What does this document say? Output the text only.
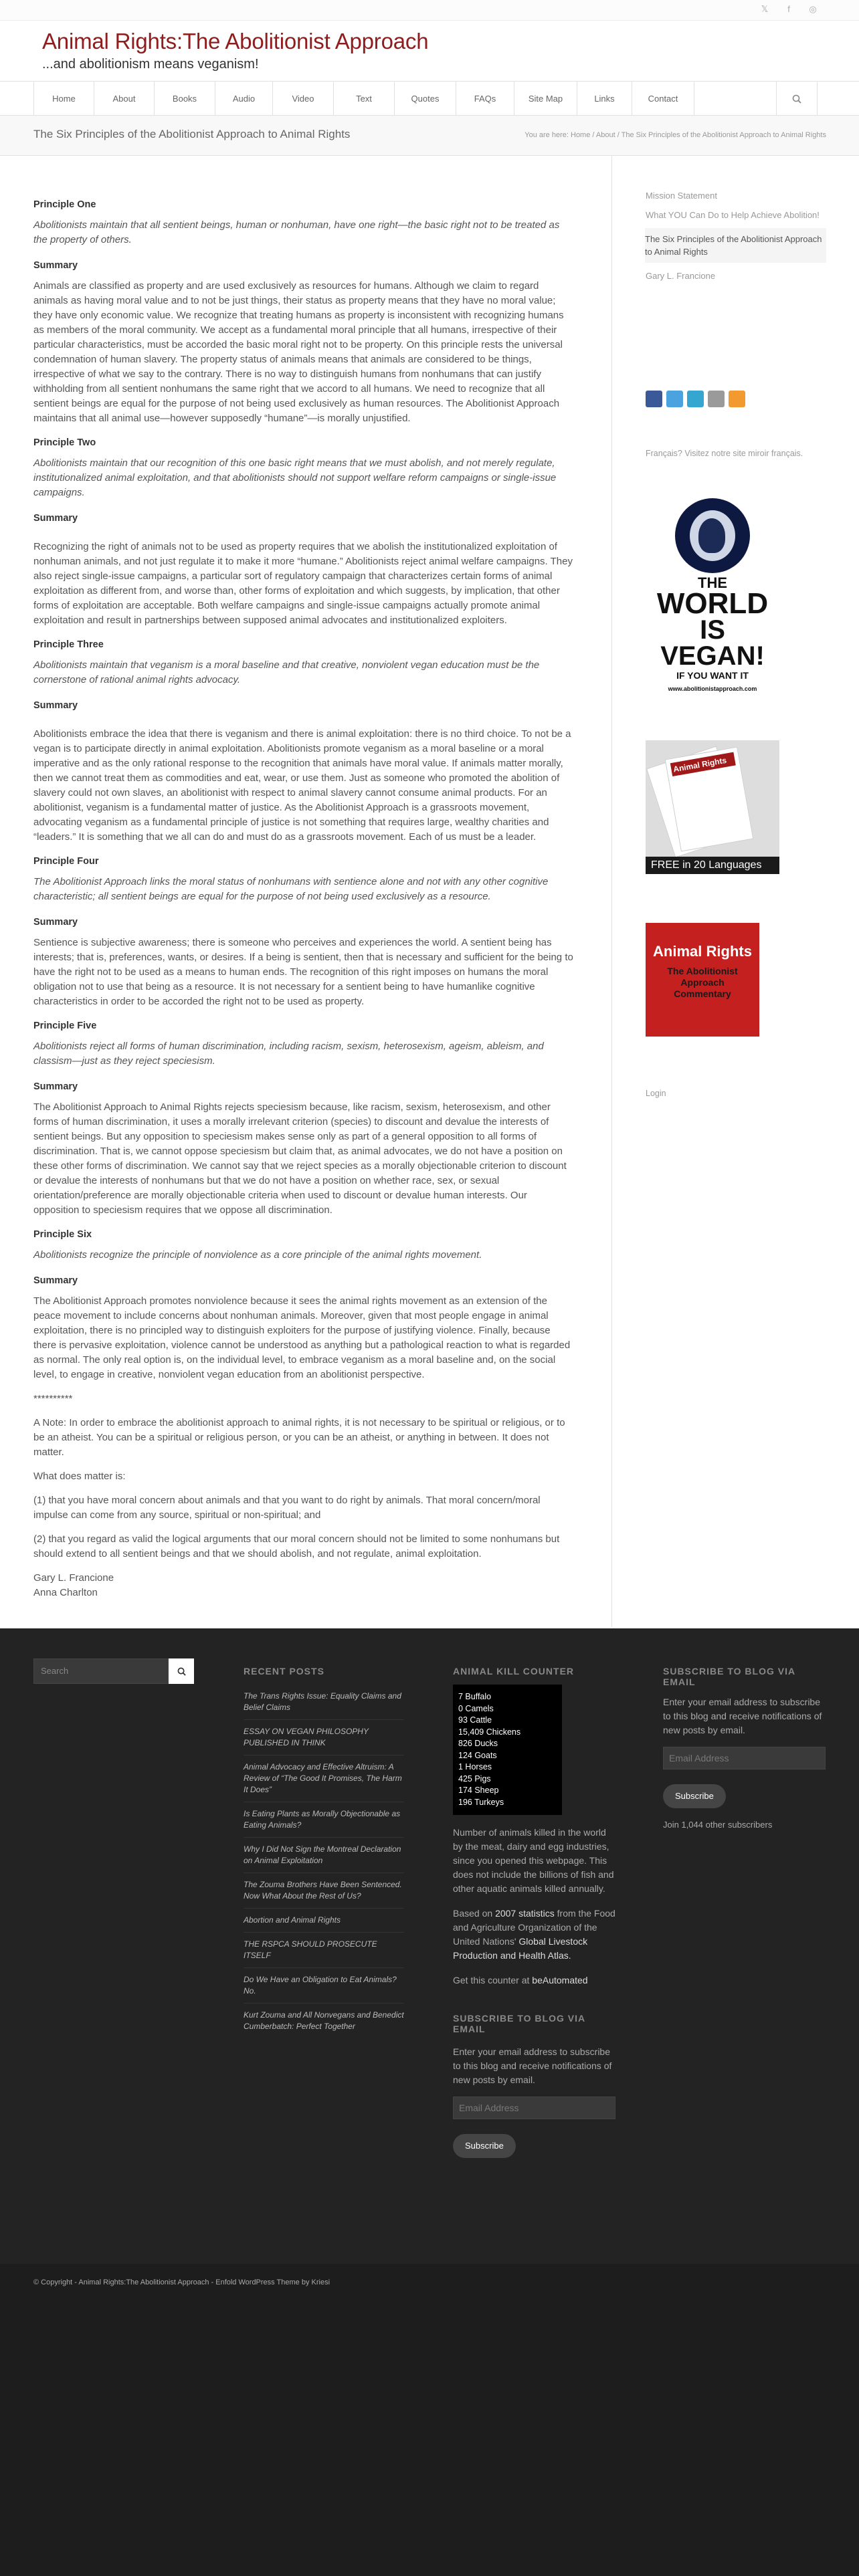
𝕏	f	◎
Animal Rights:The Abolitionist Approach
...and abolitionism means veganism!
Home	About	Books	Audio	Video	Text	Quotes	FAQs	Site Map	Links	Contact
The Six Principles of the Abolitionist Approach to Animal Rights	You are here: Home / About / The Six Principles of the Abolitionist Approach to Animal Rights
Principle One
Abolitionists maintain that all sentient beings, human or nonhuman, have one right—the basic right not to be treated as the property of others.
Summary
Animals are classified as property and are used exclusively as resources for humans. Although we claim to regard animals as having moral value and to not be just things, their status as property means that they have no moral value; they have only economic value. We recognize that treating humans as property is inconsistent with recognizing humans as members of the moral community. We accept as a fundamental moral principle that all humans, irrespective of their particular characteristics, must be accorded the basic moral right not to be property. On this principle rests the universal condemnation of human slavery. The property status of animals means that animals are considered to be things, irrespective of what we say to the contrary. There is no way to distinguish humans from nonhumans that can justify withholding from all sentient nonhumans the same right that we accord to all humans. We need to recognize that all sentient beings are equal for the purpose of not being used exclusively as human resources. The Abolitionist Approach maintains that all animal use—however supposedly “humane”—is morally unjustified.
Principle Two
Abolitionists maintain that our recognition of this one basic right means that we must abolish, and not merely regulate, institutionalized animal exploitation, and that abolitionists should not support welfare reform campaigns or single-issue campaigns.
Summary
Recognizing the right of animals not to be used as property requires that we abolish the institutionalized exploitation of nonhuman animals, and not just regulate it to make it more “humane.” Abolitionists reject animal welfare campaigns. They also reject single-issue campaigns, a particular sort of regulatory campaign that characterizes certain forms of animal exploitation as different from, and worse than, other forms of exploitation and which suggests, by implication, that other forms of exploitation are acceptable. Both welfare campaigns and single-issue campaigns actually promote animal exploitation and result in partnerships between supposed animal advocates and institutionalized exploiters.
Principle Three
Abolitionists maintain that veganism is a moral baseline and that creative, nonviolent vegan education must be the cornerstone of rational animal rights advocacy.
Summary
Abolitionists embrace the idea that there is veganism and there is animal exploitation: there is no third choice. To not be a vegan is to participate directly in animal exploitation. Abolitionists promote veganism as a moral baseline or a moral imperative and as the only rational response to the recognition that animals have moral value. If animals matter morally, then we cannot treat them as commodities and eat, wear, or use them. Just as someone who promoted the abolition of slavery could not own slaves, an abolitionist with respect to animal slavery cannot consume animal products. For an abolitionist, veganism is a fundamental matter of justice. As the Abolitionist Approach is a grassroots movement, advocating veganism as a fundamental principle of justice is not something that requires large, wealthy charities and “leaders.” It is something that we all can do and must do as a grassroots movement. Each of us must be a leader.
Principle Four
The Abolitionist Approach links the moral status of nonhumans with sentience alone and not with any other cognitive characteristic; all sentient beings are equal for the purpose of not being used exclusively as a resource.
Summary
Sentience is subjective awareness; there is someone who perceives and experiences the world. A sentient being has interests; that is, preferences, wants, or desires. If a being is sentient, then that is necessary and sufficient for the being to have the right not to be used as a means to human ends. The recognition of this right imposes on humans the moral obligation not to use that being as a resource. It is not necessary for a sentient being to have humanlike cognitive characteristics in order to be accorded the right not to be used as property.
Principle Five
Abolitionists reject all forms of human discrimination, including racism, sexism, heterosexism, ageism, ableism, and classism—just as they reject speciesism.
Summary
The Abolitionist Approach to Animal Rights rejects speciesism because, like racism, sexism, heterosexism, and other forms of human discrimination, it uses a morally irrelevant criterion (species) to discount and devalue the interests of sentient beings. But any opposition to speciesism makes sense only as part of a general opposition to all forms of discrimination. That is, we cannot oppose speciesism but claim that, as animal advocates, we do not have a position on these other forms of discrimination. We cannot say that we reject species as a morally objectionable criterion to discount or devalue the interests of nonhumans but that we do not have a position on whether race, sex, or sexual orientation/preference are morally objectionable criteria when used to discount or devalue human interests. Our opposition to speciesism requires that we oppose all discrimination.
Principle Six
Abolitionists recognize the principle of nonviolence as a core principle of the animal rights movement.
Summary
The Abolitionist Approach promotes nonviolence because it sees the animal rights movement as an extension of the peace movement to include concerns about nonhuman animals. Moreover, given that most people engage in animal exploitation, there is no principled way to distinguish exploiters for the purpose of justifying violence. Finally, because there is pervasive exploitation, violence cannot be understood as anything but a pathological reaction to what is regarded as normal. The only real option is, on the individual level, to embrace veganism as a moral baseline and, on the social level, to engage in creative, nonviolent vegan education from an abolitionist perspective.
**********
A Note: In order to embrace the abolitionist approach to animal rights, it is not necessary to be spiritual or religious, or to be an atheist. You can be a spiritual or religious person, or you can be an atheist, or anything in between. It does not matter.
What does matter is:
(1) that you have moral concern about animals and that you want to do right by animals. That moral concern/moral impulse can come from any source, spiritual or non-spiritual; and
(2) that you regard as valid the logical arguments that our moral concern should not be limited to some nonhumans but should extend to all sentient beings and that we should abolish, and not regulate, animal exploitation.
Gary L. Francione
Anna Charlton
Mission Statement
What YOU Can Do to Help Achieve Abolition!
The Six Principles of the Abolitionist Approach to Animal Rights
Gary L. Francione
Français? Visitez notre site miroir français.
THE
WORLD
IS
VEGAN!
IF YOU WANT IT
www.abolitionistapproach.com
Animal Rights
FREE in 20 Languages
Animal Rights
The Abolitionist Approach Commentary
Login
Search	RECENT POSTS
The Trans Rights Issue: Equality Claims and Belief Claims
ESSAY ON VEGAN PHILOSOPHY PUBLISHED IN THINK
Animal Advocacy and Effective Altruism: A Review of “The Good It Promises, The Harm It Does”
Is Eating Plants as Morally Objectionable as Eating Animals?
Why I Did Not Sign the Montreal Declaration on Animal Exploitation
The Zouma Brothers Have Been Sentenced. Now What About the Rest of Us?
Abortion and Animal Rights
THE RSPCA SHOULD PROSECUTE ITSELF
Do We Have an Obligation to Eat Animals? No.
Kurt Zouma and All Nonvegans and Benedict Cumberbatch: Perfect Together
ANIMAL KILL COUNTER
7 Buffalo
0 Camels
93 Cattle
15,409 Chickens
826 Ducks
124 Goats
1 Horses
425 Pigs
174 Sheep
196 Turkeys
Number of animals killed in the world by the meat, dairy and egg industries, since you opened this webpage. This does not include the billions of fish and other aquatic animals killed annually.
Based on 2007 statistics from the Food and Agriculture Organization of the United Nations' Global Livestock Production and Health Atlas.
Get this counter at beAutomated
SUBSCRIBE TO BLOG VIA EMAIL
Enter your email address to subscribe to this blog and receive notifications of new posts by email.
Email Address
Subscribe
SUBSCRIBE TO BLOG VIA EMAIL
Enter your email address to subscribe to this blog and receive notifications of new posts by email.
Email Address
Subscribe
Join 1,044 other subscribers
© Copyright - Animal Rights:The Abolitionist Approach - Enfold WordPress Theme by Kriesi
